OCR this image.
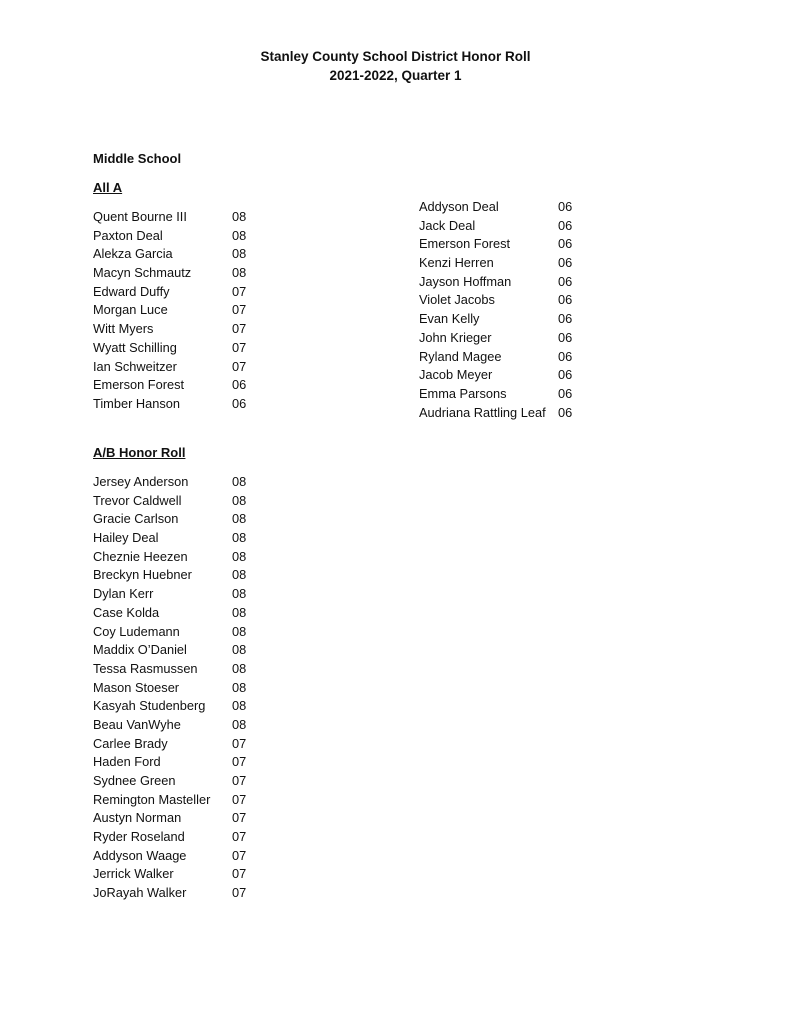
Stanley County School District Honor Roll
2021-2022, Quarter 1
Middle School
All A
Quent Bourne III	08
Paxton Deal	08
Alekza Garcia	08
Macyn Schmautz	08
Edward Duffy	07
Morgan Luce	07
Witt Myers	07
Wyatt Schilling	07
Ian Schweitzer	07
Emerson Forest	06
Timber Hanson	06
A/B Honor Roll
Jersey Anderson	08
Trevor Caldwell	08
Gracie Carlson	08
Hailey Deal	08
Cheznie Heezen	08
Breckyn Huebner	08
Dylan Kerr	08
Case Kolda	08
Coy Ludemann	08
Maddix O’Daniel	08
Tessa Rasmussen	08
Mason Stoeser	08
Kasyah Studenberg 08
Beau VanWyhe	08
Carlee Brady	07
Haden Ford	07
Sydnee Green	07
Remington Masteller 07
Austyn Norman	07
Ryder Roseland	07
Addyson Waage	07
Jerrick Walker	07
JoRayah Walker	07
Addyson Deal	06
Jack Deal	06
Emerson Forest	06
Kenzi Herren	06
Jayson Hoffman	06
Violet Jacobs	06
Evan Kelly	06
John Krieger	06
Ryland Magee	06
Jacob Meyer	06
Emma Parsons	06
Audriana Rattling Leaf 06
